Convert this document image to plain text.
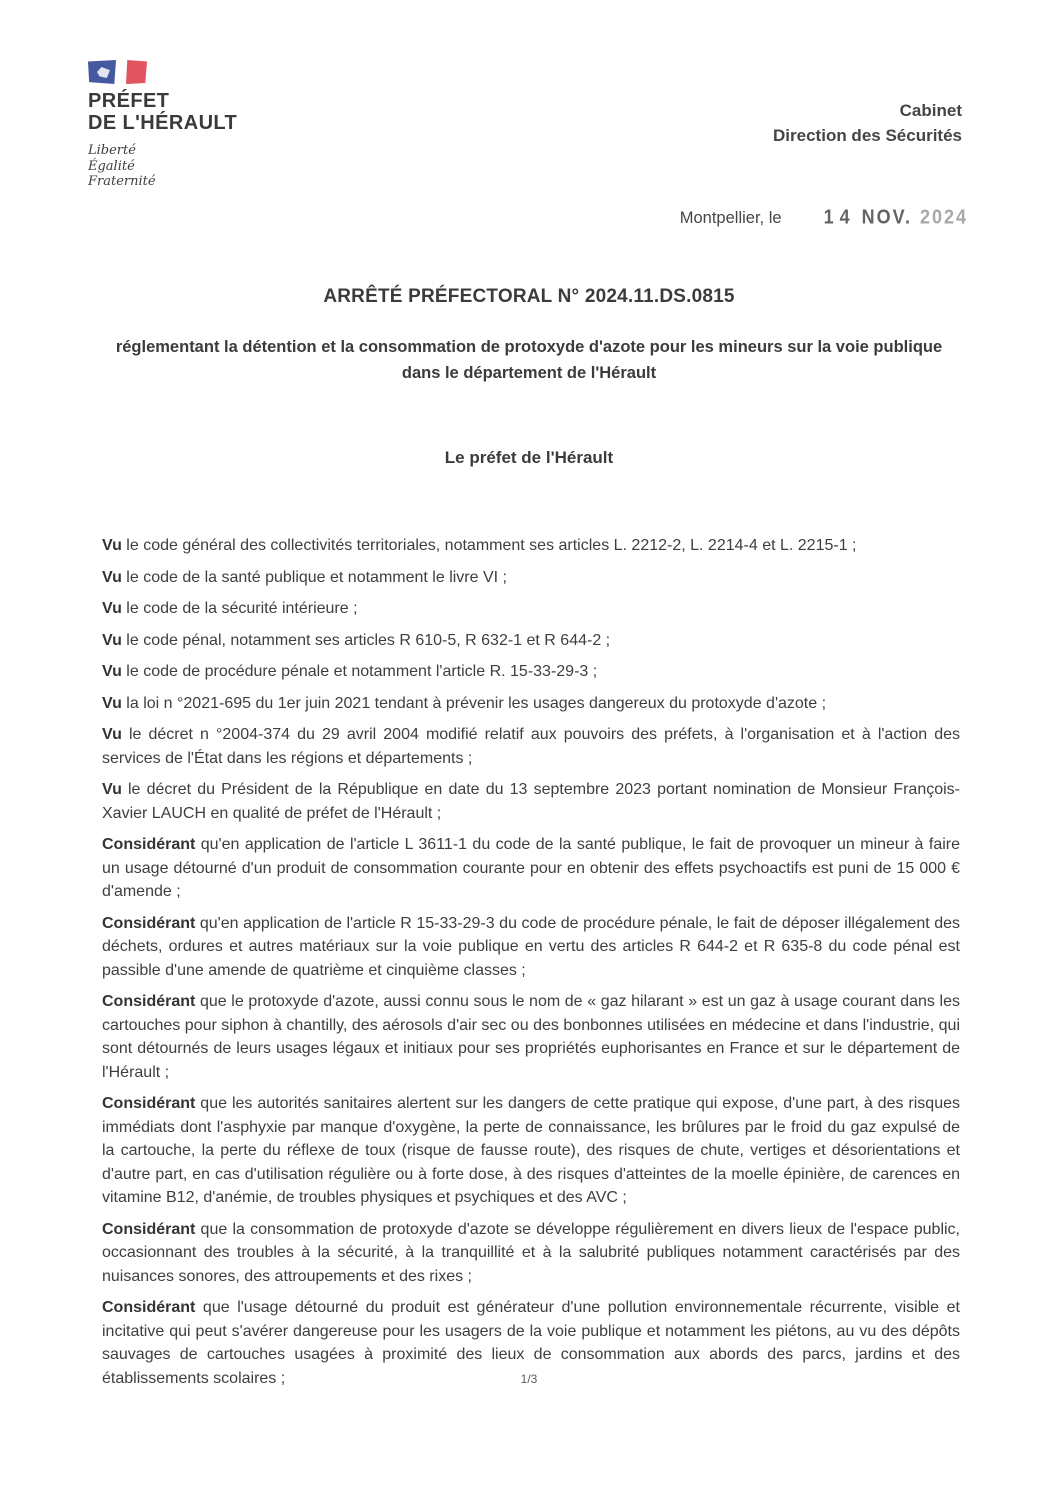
PRÉFET
DE L'HÉRAULT
Liberté
Égalité
Fraternité
Cabinet
Direction des Sécurités
Montpellier, le 14 NOV. 2024
ARRÊTÉ PRÉFECTORAL N° 2024.11.DS.0815
réglementant la détention et la consommation de protoxyde d'azote pour les mineurs sur la voie publique dans le département de l'Hérault
Le préfet de l'Hérault

Vu le code général des collectivités territoriales, notamment ses articles L. 2212-2, L. 2214-4 et L. 2215-1 ;

Vu le code de la santé publique et notamment le livre VI ;

Vu le code de la sécurité intérieure ;

Vu le code pénal, notamment ses articles R 610-5, R 632-1 et R 644-2 ;

Vu le code de procédure pénale et notamment l'article R. 15-33-29-3 ;

Vu la loi n °2021-695 du 1er juin 2021 tendant à prévenir les usages dangereux du protoxyde d'azote ;

Vu le décret n °2004-374 du 29 avril 2004 modifié relatif aux pouvoirs des préfets, à l'organisation et à l'action des services de l'État dans les régions et départements ;

Vu le décret du Président de la République en date du 13 septembre 2023 portant nomination de Monsieur François-Xavier LAUCH en qualité de préfet de l'Hérault ;

Considérant qu'en application de l'article L 3611-1 du code de la santé publique, le fait de provoquer un mineur à faire un usage détourné d'un produit de consommation courante pour en obtenir des effets psychoactifs est puni de 15 000 € d'amende ;

Considérant qu'en application de l'article R 15-33-29-3 du code de procédure pénale, le fait de déposer illégalement des déchets, ordures et autres matériaux sur la voie publique en vertu des articles R 644-2 et R 635-8 du code pénal est passible d'une amende de quatrième et cinquième classes ;

Considérant que le protoxyde d'azote, aussi connu sous le nom de « gaz hilarant » est un gaz à usage courant dans les cartouches pour siphon à chantilly, des aérosols d'air sec ou des bonbonnes utilisées en médecine et dans l'industrie, qui sont détournés de leurs usages légaux et initiaux pour ses propriétés euphorisantes en France et sur le département de l'Hérault ;

Considérant que les autorités sanitaires alertent sur les dangers de cette pratique qui expose, d'une part, à des risques immédiats dont l'asphyxie par manque d'oxygène, la perte de connaissance, les brûlures par le froid du gaz expulsé de la cartouche, la perte du réflexe de toux (risque de fausse route), des risques de chute, vertiges et désorientations et d'autre part, en cas d'utilisation régulière ou à forte dose, à des risques d'atteintes de la moelle épinière, de carences en vitamine B12, d'anémie, de troubles physiques et psychiques et des AVC ;

Considérant que la consommation de protoxyde d'azote se développe régulièrement en divers lieux de l'espace public, occasionnant des troubles à la sécurité, à la tranquillité et à la salubrité publiques notamment caractérisés par des nuisances sonores, des attroupements et des rixes ;

Considérant que l'usage détourné du produit est générateur d'une pollution environnementale récurrente, visible et incitative qui peut s'avérer dangereuse pour les usagers de la voie publique et notamment les piétons, au vu des dépôts sauvages de cartouches usagées à proximité des lieux de consommation aux abords des parcs, jardins et des établissements scolaires ;	1/3
